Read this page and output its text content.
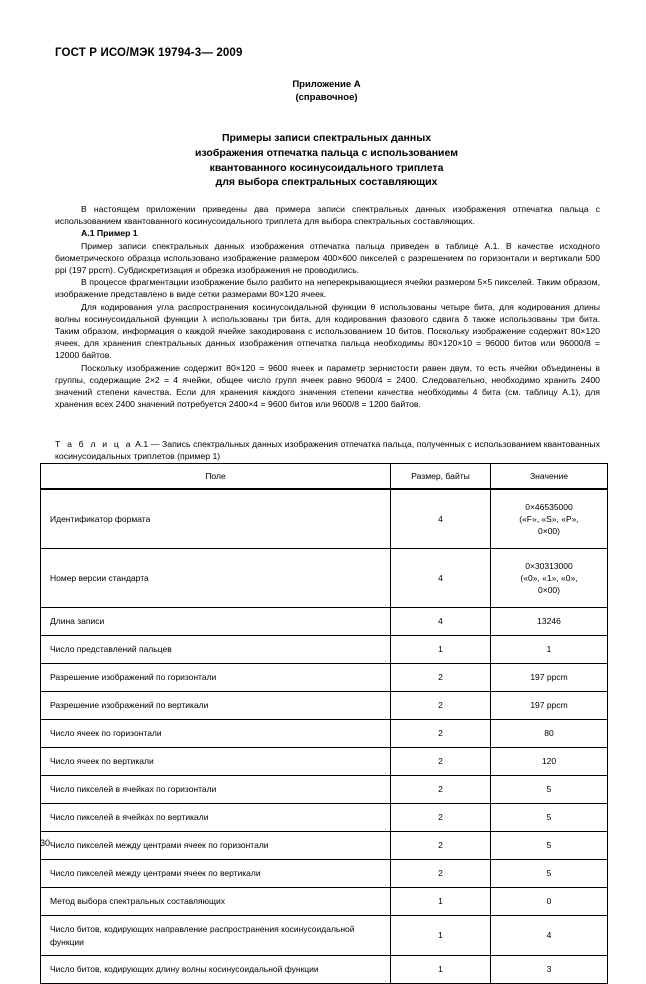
ГОСТ Р ИСО/МЭК 19794-3— 2009
Приложение А
(справочное)
Примеры записи спектральных данных
изображения отпечатка пальца с использованием
квантованного косинусоидального триплета
для выбора спектральных составляющих

В настоящем приложении приведены два примера записи спектральных данных изображения отпечатка пальца с использованием квантованного косинусоидального триплета для выбора спектральных составляющих.

А.1 Пример 1

Пример записи спектральных данных изображения отпечатка пальца приведен в таблице А.1. В качестве исходного биометрического образца использовано изображение размером 400×600 пикселей с разрешением по горизонтали и вертикали 500 ppi (197 ppcm). Субдискретизация и обрезка изображения не проводились.

В процессе фрагментации изображение было разбито на неперекрывающиеся ячейки размером 5×5 пикселей. Таким образом, изображение представлено в виде сетки размерами 80×120 ячеек.

Для кодирования угла распространения косинусоидальной функции θ использованы четыре бита, для кодирования длины волны косинусоидальной функции λ использованы три бита, для кодирования фазового сдвига δ также использованы три бита. Таким образом, информация о каждой ячейке закодирована с использованием 10 битов. Поскольку изображение содержит 80×120 ячеек, для хранения спектральных данных изображения отпечатка пальца необходимы 80×120×10 = 96000 битов или 96000/8 = 12000 байтов.

Поскольку изображение содержит 80×120 = 9600 ячеек и параметр зернистости равен двум, то есть ячейки объединены в группы, содержащие 2×2 = 4 ячейки, общее число групп ячеек равно 9600/4 = 2400. Следовательно, необходимо хранить 2400 значений степени качества. Если для хранения каждого значения степени качества необходимы 4 бита (см. таблицу А.1), для хранения всех 2400 значений потребуется 2400×4 = 9600 битов или 9600/8 = 1200 байтов.

Т а б л и ц а А.1 — Запись спектральных данных изображения отпечатка пальца, полученных с использованием квантованных косинусоидальных триплетов (пример 1)
Поле	Размер, байты	Значение
Идентификатор формата	4	0×46535000
(«F», «S», «P»,
0×00)

Номер версии стандарта	4	0×30313000
(«0», «1», «0»,
0×00)

Длина записи	4	13246

Число представлений пальцев	1	1

Разрешение изображений по горизонтали	2	197 ppcm

Разрешение изображений по вертикали	2	197 ppcm

Число ячеек по горизонтали	2	80

Число ячеек по вертикали	2	120

Число пикселей в ячейках по горизонтали	2	5

Число пикселей в ячейках по вертикали	2	5

Число пикселей между центрами ячеек по горизонтали	2	5

Число пикселей между центрами ячеек по вертикали	2	5

Метод выбора спектральных составляющих	1	0

Число битов, кодирующих направление распространения косинусоидальной функции	1	4

Число битов, кодирующих длину волны косинусоидальной функции	1	3
30
